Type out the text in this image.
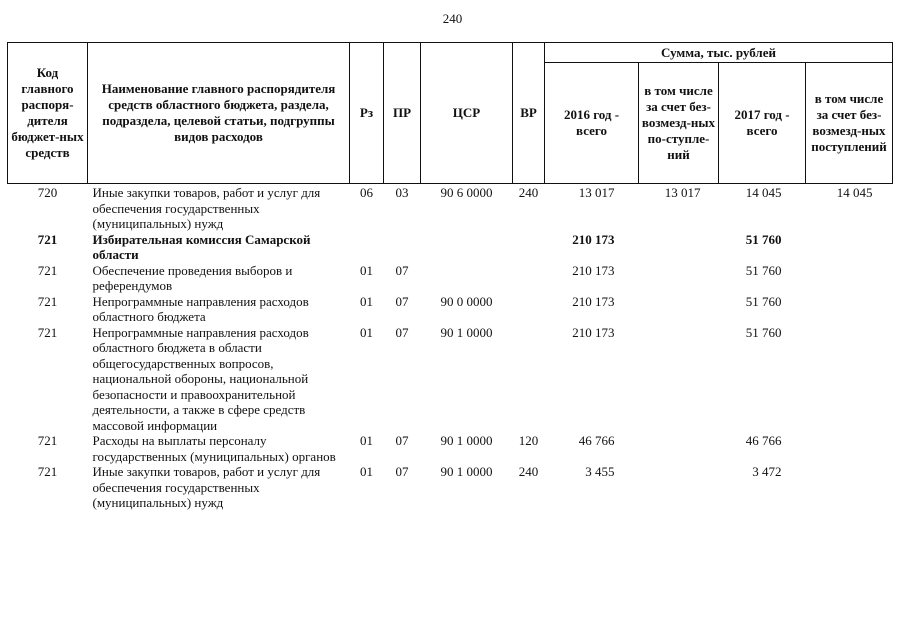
240
Код главного распоря-дителя бюджет-ных средств	Наименование главного распорядителя средств областного бюджета, раздела, подраздела, целевой статьи, подгруппы видов расходов	Рз	ПР	ЦСР	ВР	Сумма, тыс. рублей			
						2016 год - всего	в том числе за счет без-возмезд-ных по-ступле-ний	2017 год - всего	в том числе за счет без-возмезд-ных поступлений
720	Иные закупки товаров, работ и услуг для обеспечения государственных (муниципальных) нужд	06	03	90 6 0000	240	13 017	13 017	14 045	14 045
721	Избирательная комиссия Самарской области					210 173		51 760	
721	Обеспечение проведения выборов и референдумов	01	07			210 173		51 760	
721	Непрограммные направления расходов областного бюджета	01	07	90 0 0000		210 173		51 760	
721	Непрограммные направления расходов областного бюджета в области общегосударственных вопросов, национальной обороны, национальной безопасности и правоохранительной деятельности, а также в сфере средств массовой информации	01	07	90 1 0000		210 173		51 760	
721	Расходы на выплаты персоналу государственных (муниципальных) органов	01	07	90 1 0000	120	46 766		46 766	
721	Иные закупки товаров, работ и услуг для обеспечения государственных (муниципальных) нужд	01	07	90 1 0000	240	3 455		3 472	
